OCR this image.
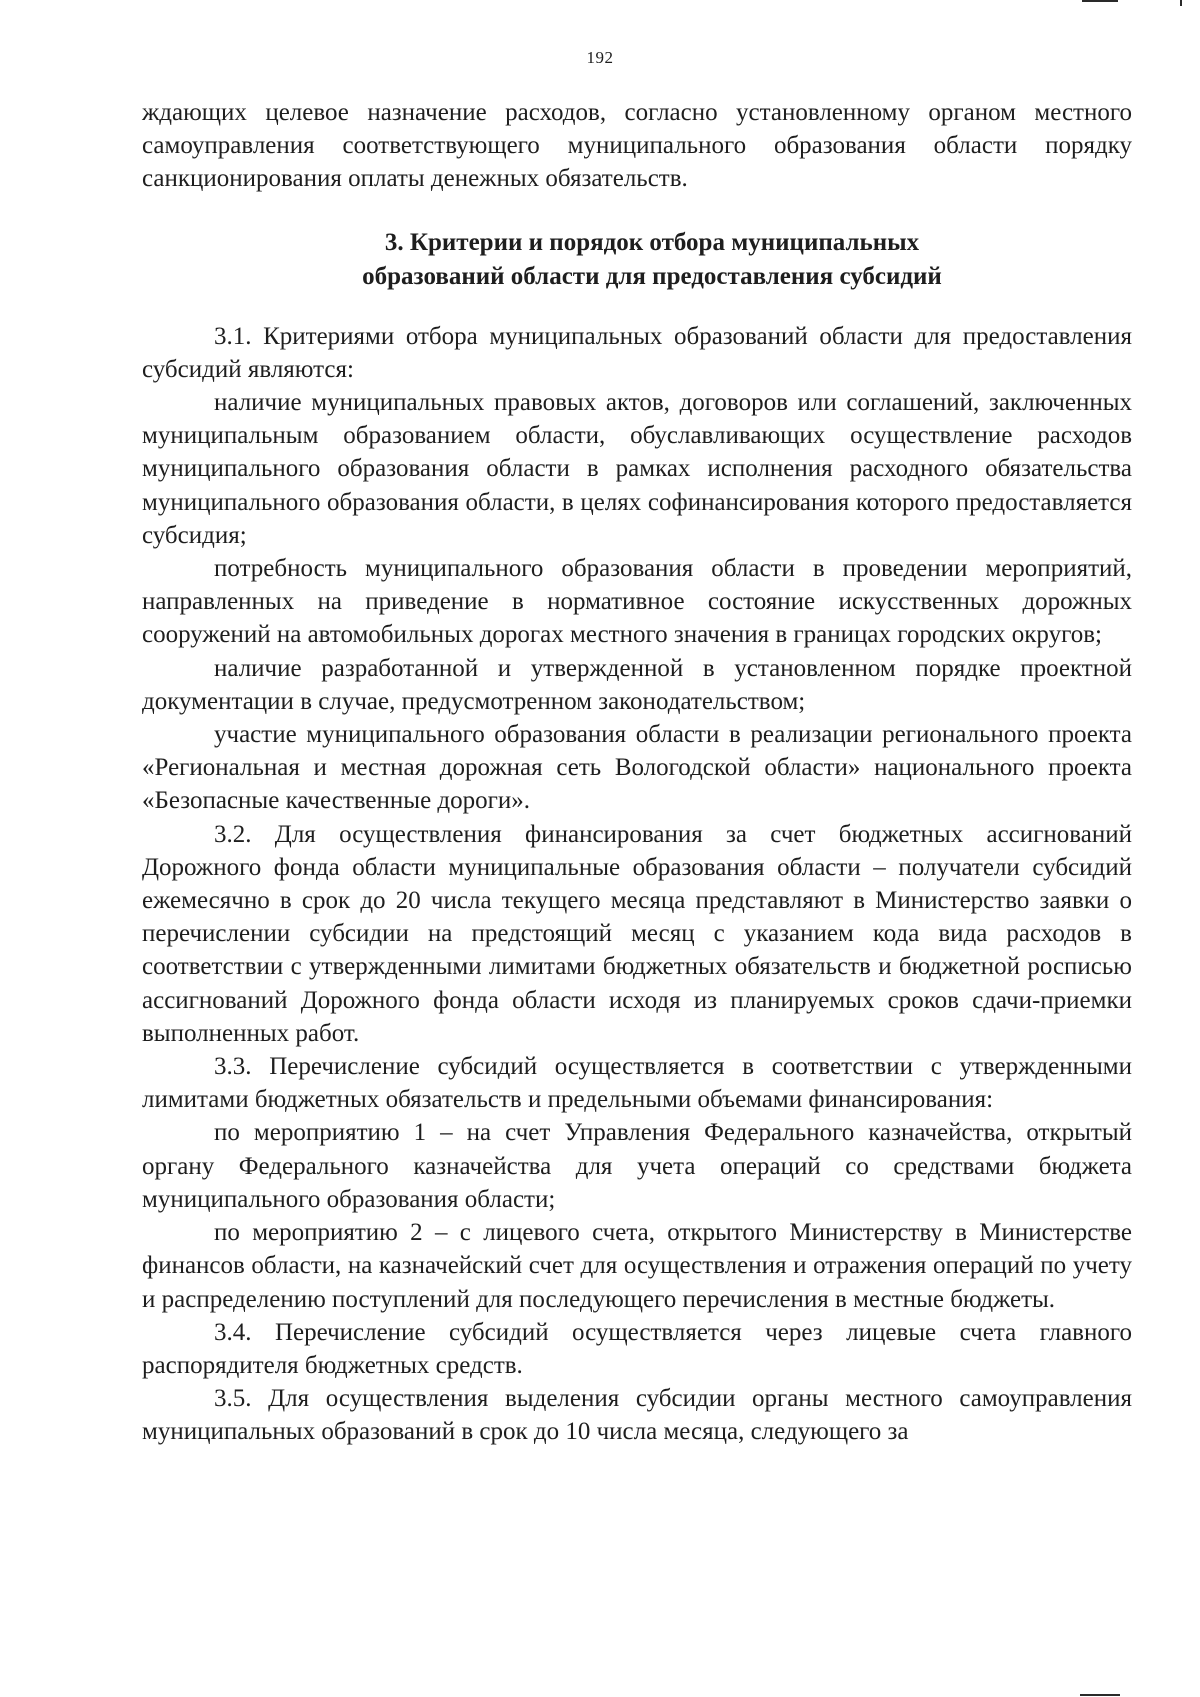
192

ждающих целевое назначение расходов, согласно установленному органом местного самоуправления соответствующего муниципального образования области порядку санкционирования оплаты денежных обязательств.

3. Критерии и порядок отбора муниципальных
образований области для предоставления субсидий

3.1. Критериями отбора муниципальных образований области для предоставления субсидий являются:

наличие муниципальных правовых актов, договоров или соглашений, заключенных муниципальным образованием области, обуславливающих осуществление расходов муниципального образования области в рамках исполнения расходного обязательства муниципального образования области, в целях софинансирования которого предоставляется субсидия;

потребность муниципального образования области в проведении мероприятий, направленных на приведение в нормативное состояние искусственных дорожных сооружений на автомобильных дорогах местного значения в границах городских округов;

наличие разработанной и утвержденной в установленном порядке проектной документации в случае, предусмотренном законодательством;

участие муниципального образования области в реализации регионального проекта «Региональная и местная дорожная сеть Вологодской области» национального проекта «Безопасные качественные дороги».

3.2. Для осуществления финансирования за счет бюджетных ассигнований Дорожного фонда области муниципальные образования области – получатели субсидий ежемесячно в срок до 20 числа текущего месяца представляют в Министерство заявки о перечислении субсидии на предстоящий месяц с указанием кода вида расходов в соответствии с утвержденными лимитами бюджетных обязательств и бюджетной росписью ассигнований Дорожного фонда области исходя из планируемых сроков сдачи-приемки выполненных работ.

3.3. Перечисление субсидий осуществляется в соответствии с утвержденными лимитами бюджетных обязательств и предельными объемами финансирования:

по мероприятию 1 – на счет Управления Федерального казначейства, открытый органу Федерального казначейства для учета операций со средствами бюджета муниципального образования области;

по мероприятию 2 – с лицевого счета, открытого Министерству в Министерстве финансов области, на казначейский счет для осуществления и отражения операций по учету и распределению поступлений для последующего перечисления в местные бюджеты.

3.4. Перечисление субсидий осуществляется через лицевые счета главного распорядителя бюджетных средств.

3.5. Для осуществления выделения субсидии органы местного самоуправления муниципальных образований в срок до 10 числа месяца, следующего за
